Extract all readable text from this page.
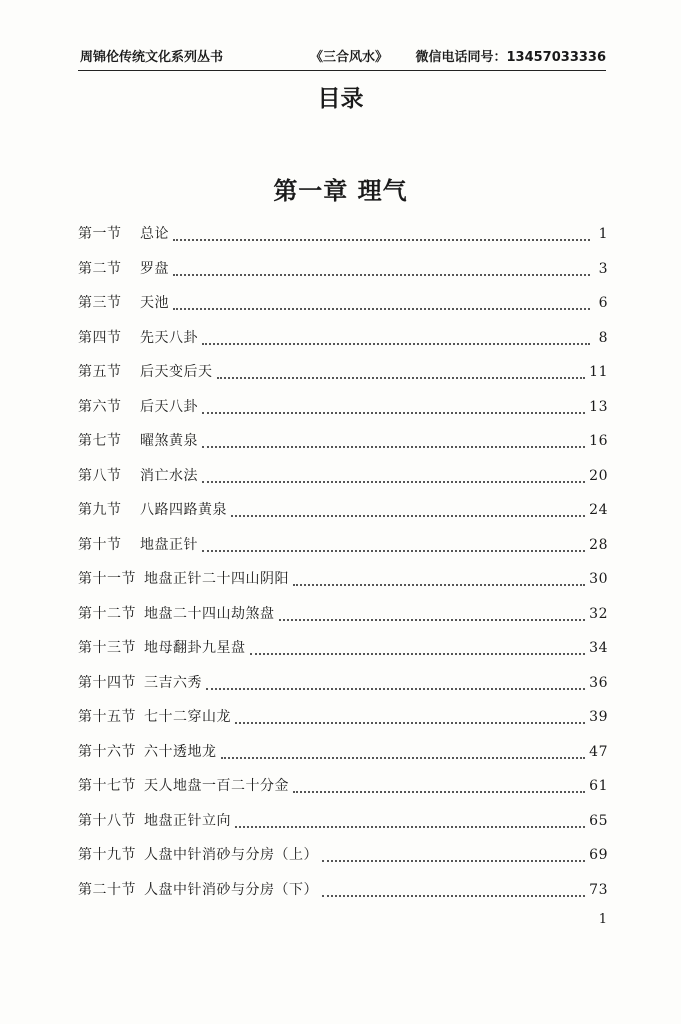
周锦伦传统文化系列丛书	《三合风水》 微信电话同号：13457033336
目录
第一章 理气
第一节	总论	1
第二节	罗盘	3
第三节	天池	6
第四节	先天八卦	8
第五节	后天变后天	11
第六节	后天八卦	13
第七节	曜煞黄泉	16
第八节	消亡水法	20
第九节	八路四路黄泉	24
第十节	地盘正针	28
第十一节 地盘正针二十四山阴阳	30
第十二节 地盘二十四山劫煞盘	32
第十三节 地母翻卦九星盘	34
第十四节 三吉六秀	36
第十五节 七十二穿山龙	39
第十六节 六十透地龙	47
第十七节 天人地盘一百二十分金	61
第十八节 地盘正针立向	65
第十九节 人盘中针消砂与分房（上）	69
第二十节 人盘中针消砂与分房（下）	73
1
